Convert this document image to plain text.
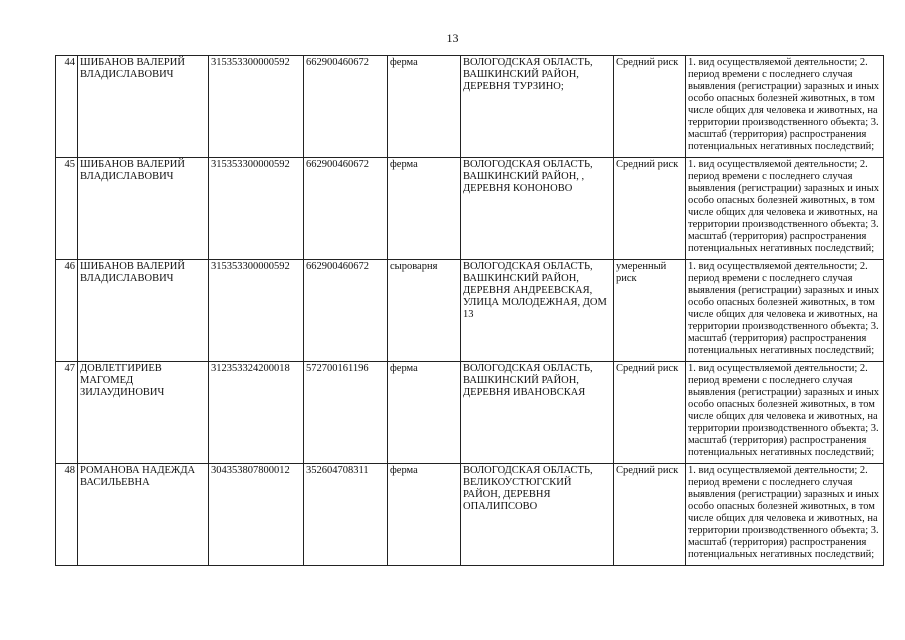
13
44	ШИБАНОВ ВАЛЕРИЙ ВЛАДИСЛАВОВИЧ	315353300000592	662900460672	ферма	ВОЛОГОДСКАЯ ОБЛАСТЬ, ВАШКИНСКИЙ РАЙОН, ДЕРЕВНЯ ТУРЗИНО;	Средний риск	1. вид осуществляемой деятельности; 2. период времени с последнего случая выявления (регистрации) заразных и иных особо опасных болезней животных, в том числе общих для человека и животных, на территории производственного объекта; 3. масштаб (территория) распространения потенциальных негативных последствий;
45	ШИБАНОВ ВАЛЕРИЙ ВЛАДИСЛАВОВИЧ	315353300000592	662900460672	ферма	ВОЛОГОДСКАЯ ОБЛАСТЬ, ВАШКИНСКИЙ РАЙОН, , ДЕРЕВНЯ КОНОНОВО	Средний риск	1. вид осуществляемой деятельности; 2. период времени с последнего случая выявления (регистрации) заразных и иных особо опасных болезней животных, в том числе общих для человека и животных, на территории производственного объекта; 3. масштаб (территория) распространения потенциальных негативных последствий;
46	ШИБАНОВ ВАЛЕРИЙ ВЛАДИСЛАВОВИЧ	315353300000592	662900460672	сыроварня	ВОЛОГОДСКАЯ ОБЛАСТЬ, ВАШКИНСКИЙ РАЙОН, ДЕРЕВНЯ АНДРЕЕВСКАЯ, УЛИЦА МОЛОДЕЖНАЯ, ДОМ 13	умеренный риск	1. вид осуществляемой деятельности; 2. период времени с последнего случая выявления (регистрации) заразных и иных особо опасных болезней животных, в том числе общих для человека и животных, на территории производственного объекта; 3. масштаб (территория) распространения потенциальных негативных последствий;
47	ДОВЛЕТГИРИЕВ МАГОМЕД ЗИЛАУДИНОВИЧ	312353324200018	572700161196	ферма	ВОЛОГОДСКАЯ ОБЛАСТЬ, ВАШКИНСКИЙ РАЙОН, ДЕРЕВНЯ ИВАНОВСКАЯ	Средний риск	1. вид осуществляемой деятельности; 2. период времени с последнего случая выявления (регистрации) заразных и иных особо опасных болезней животных, в том числе общих для человека и животных, на территории производственного объекта; 3. масштаб (территория) распространения потенциальных негативных последствий;
48	РОМАНОВА НАДЕЖДА ВАСИЛЬЕВНА	304353807800012	352604708311	ферма	ВОЛОГОДСКАЯ ОБЛАСТЬ, ВЕЛИКОУСТЮГСКИЙ РАЙОН, ДЕРЕВНЯ ОПАЛИПСОВО	Средний риск	1. вид осуществляемой деятельности; 2. период времени с последнего случая выявления (регистрации) заразных и иных особо опасных болезней животных, в том числе общих для человека и животных, на территории производственного объекта; 3. масштаб (территория) распространения потенциальных негативных последствий;
